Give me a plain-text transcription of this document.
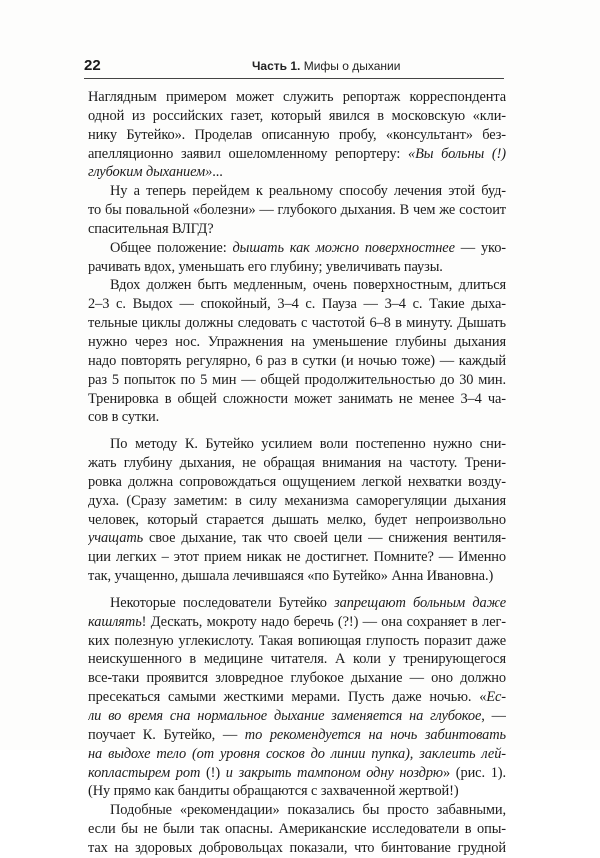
22	Часть 1. Мифы о дыхании
Наглядным примером может служить репортаж корреспондента
одной из российских газет, который явился в московскую «кли-
нику Бутейко». Проделав описанную пробу, «консультант» без-
апелляционно заявил ошеломленному репортеру: «Вы больны (!)
глубоким дыханием»...
Ну а теперь перейдем к реальному способу лечения этой буд-
то бы повальной «болезни» — глубокого дыхания. В чем же состоит
спасительная ВЛГД?
Общее положение: дышать как можно поверхностнее — уко-
рачивать вдох, уменьшать его глубину; увеличивать паузы.
Вдох должен быть медленным, очень поверхностным, длиться
2–3 с. Выдох — спокойный, 3–4 с. Пауза — 3–4 с. Такие дыха-
тельные циклы должны следовать с частотой 6–8 в минуту. Дышать
нужно через нос. Упражнения на уменьшение глубины дыхания
надо повторять регулярно, 6 раз в сутки (и ночью тоже) — каждый
раз 5 попыток по 5 мин — общей продолжительностью до 30 мин.
Тренировка в общей сложности может занимать не менее 3–4 ча-
сов в сутки.
По методу К. Бутейко усилием воли постепенно нужно сни-
жать глубину дыхания, не обращая внимания на частоту. Трени-
ровка должна сопровождаться ощущением легкой нехватки возду-
духа. (Сразу заметим: в силу механизма саморегуляции дыхания
человек, который старается дышать мелко, будет непроизвольно
учащать свое дыхание, так что своей цели — снижения вентиля-
ции легких – этот прием никак не достигнет. Помните? — Именно
так, учащенно, дышала лечившаяся «по Бутейко» Анна Ивановна.)
Некоторые последователи Бутейко запрещают больным даже
кашлять! Дескать, мокроту надо беречь (?!) — она сохраняет в лег-
ких полезную углекислоту. Такая вопиющая глупость поразит даже
неискушенного в медицине читателя. А коли у тренирующегося
все-таки проявится зловредное глубокое дыхание — оно должно
пресекаться самыми жесткими мерами. Пусть даже ночью. «Ес-
ли во время сна нормальное дыхание заменяется на глубокое, —
поучает К. Бутейко, — то рекомендуется на ночь забинтовать
на выдохе тело (от уровня сосков до линии пупка), заклеить лей-
копластырем рот (!) и закрыть тампоном одну ноздрю» (рис. 1).
(Ну прямо как бандиты обращаются с захваченной жертвой!)
Подобные «рекомендации» показались бы просто забавными,
если бы не были так опасны. Американские исследователи в опы-
тах на здоровых добровольцах показали, что бинтование грудной
